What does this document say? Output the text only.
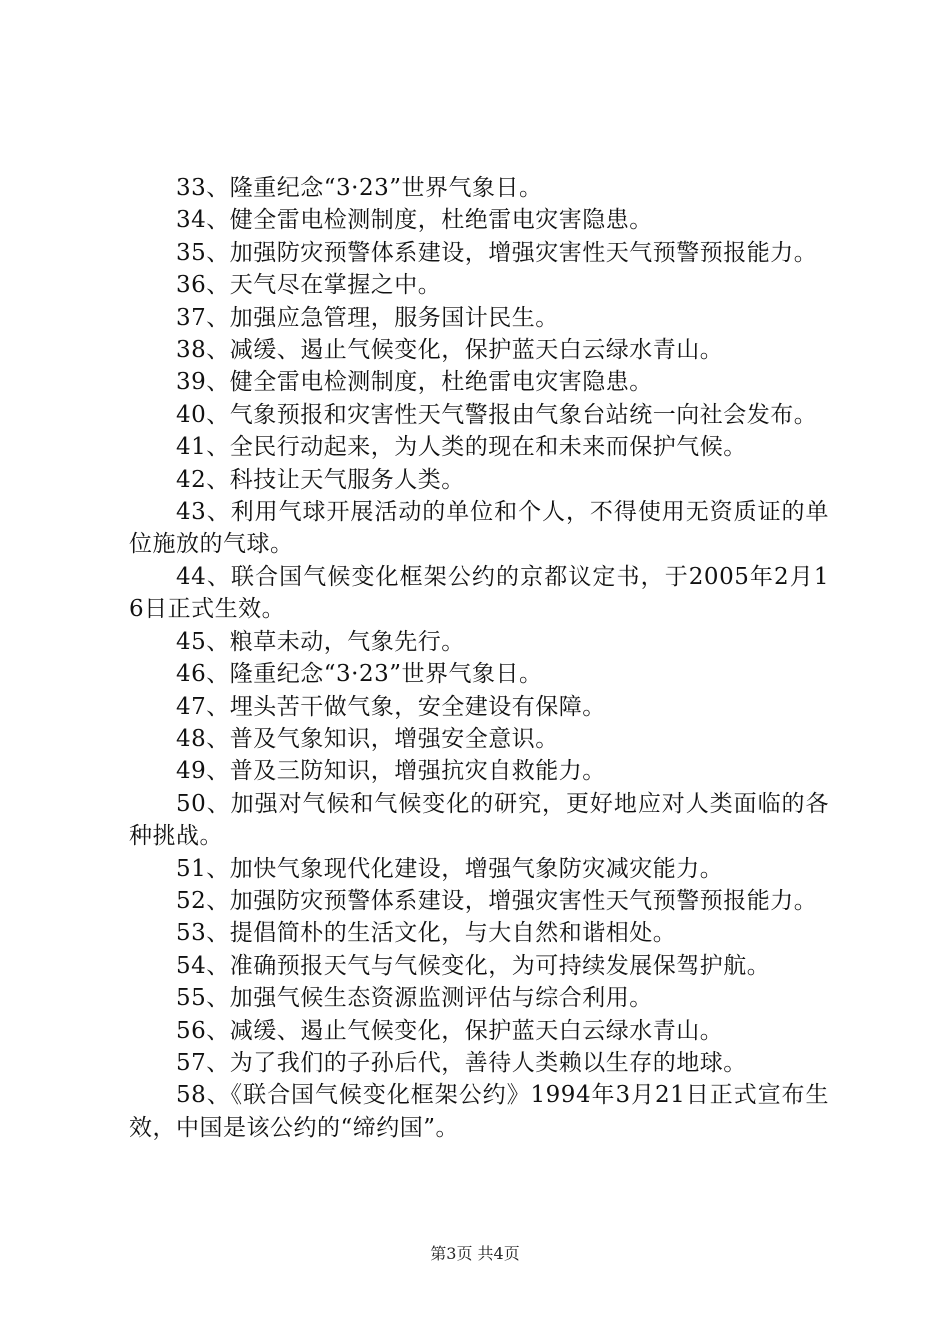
33、隆重纪念“3·23”世界气象日。

34、健全雷电检测制度，杜绝雷电灾害隐患。

35、加强防灾预警体系建设，增强灾害性天气预警预报能力。

36、天气尽在掌握之中。

37、加强应急管理，服务国计民生。

38、减缓、遏止气候变化，保护蓝天白云绿水青山。

39、健全雷电检测制度，杜绝雷电灾害隐患。

40、气象预报和灾害性天气警报由气象台站统一向社会发布。

41、全民行动起来，为人类的现在和未来而保护气候。

42、科技让天气服务人类。

43、利用气球开展活动的单位和个人，不得使用无资质证的单位施放的气球。

44、联合国气候变化框架公约的京都议定书，于2005年2月16日正式生效。

45、粮草未动，气象先行。

46、隆重纪念“3·23”世界气象日。

47、埋头苦干做气象，安全建设有保障。

48、普及气象知识，增强安全意识。

49、普及三防知识，增强抗灾自救能力。

50、加强对气候和气候变化的研究，更好地应对人类面临的各种挑战。

51、加快气象现代化建设，增强气象防灾减灾能力。

52、加强防灾预警体系建设，增强灾害性天气预警预报能力。

53、提倡简朴的生活文化，与大自然和谐相处。

54、准确预报天气与气候变化，为可持续发展保驾护航。

55、加强气候生态资源监测评估与综合利用。

56、减缓、遏止气候变化，保护蓝天白云绿水青山。

57、为了我们的子孙后代，善待人类赖以生存的地球。

58、《联合国气候变化框架公约》1994年3月21日正式宣布生效，中国是该公约的“缔约国”。

第3页 共4页
